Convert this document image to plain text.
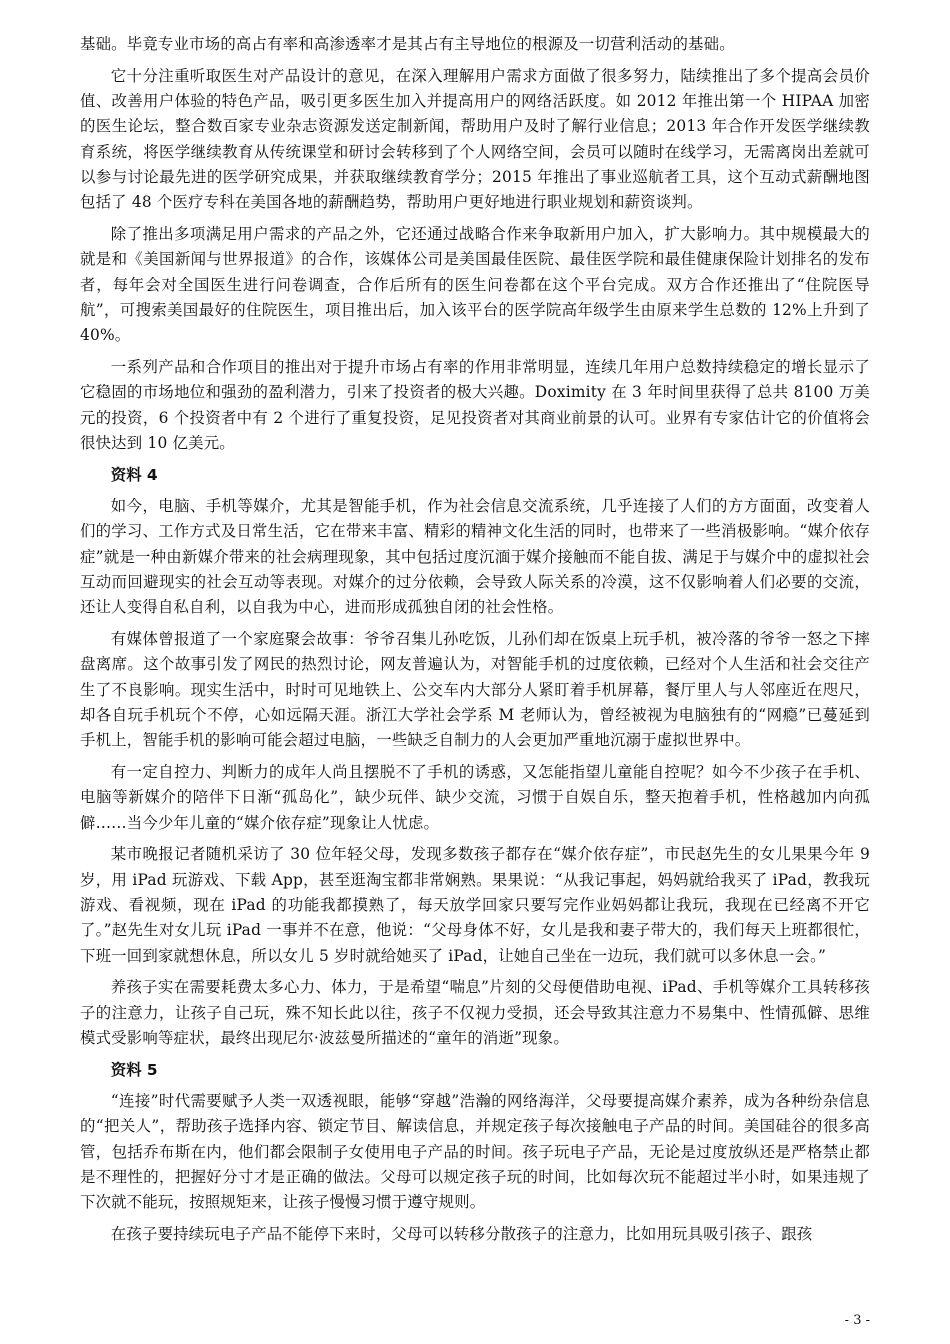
基础。毕竟专业市场的高占有率和高渗透率才是其占有主导地位的根源及一切营利活动的基础。

它十分注重听取医生对产品设计的意见，在深入理解用户需求方面做了很多努力，陆续推出了多个提高会员价值、改善用户体验的特色产品，吸引更多医生加入并提高用户的网络活跃度。如 2012 年推出第一个 HIPAA 加密的医生论坛，整合数百家专业杂志资源发送定制新闻，帮助用户及时了解行业信息；2013 年合作开发医学继续教育系统，将医学继续教育从传统课堂和研讨会转移到了个人网络空间，会员可以随时在线学习，无需离岗出差就可以参与讨论最先进的医学研究成果，并获取继续教育学分；2015 年推出了事业巡航者工具，这个互动式薪酬地图包括了 48 个医疗专科在美国各地的薪酬趋势，帮助用户更好地进行职业规划和薪资谈判。

除了推出多项满足用户需求的产品之外，它还通过战略合作来争取新用户加入，扩大影响力。其中规模最大的就是和《美国新闻与世界报道》的合作，该媒体公司是美国最佳医院、最佳医学院和最佳健康保险计划排名的发布者，每年会对全国医生进行问卷调查，合作后所有的医生问卷都在这个平台完成。双方合作还推出了“住院医导航”，可搜索美国最好的住院医生，项目推出后，加入该平台的医学院高年级学生由原来学生总数的 12%上升到了 40%。

一系列产品和合作项目的推出对于提升市场占有率的作用非常明显，连续几年用户总数持续稳定的增长显示了它稳固的市场地位和强劲的盈利潜力，引来了投资者的极大兴趣。Doximity 在 3 年时间里获得了总共 8100 万美元的投资，6 个投资者中有 2 个进行了重复投资，足见投资者对其商业前景的认可。业界有专家估计它的价值将会很快达到 10 亿美元。

资料 4

如今，电脑、手机等媒介，尤其是智能手机，作为社会信息交流系统，几乎连接了人们的方方面面，改变着人们的学习、工作方式及日常生活，它在带来丰富、精彩的精神文化生活的同时，也带来了一些消极影响。“媒介依存症”就是一种由新媒介带来的社会病理现象，其中包括过度沉湎于媒介接触而不能自拔、满足于与媒介中的虚拟社会互动而回避现实的社会互动等表现。对媒介的过分依赖，会导致人际关系的冷漠，这不仅影响着人们必要的交流，还让人变得自私自利，以自我为中心，进而形成孤独自闭的社会性格。

有媒体曾报道了一个家庭聚会故事：爷爷召集儿孙吃饭，儿孙们却在饭桌上玩手机，被冷落的爷爷一怒之下摔盘离席。这个故事引发了网民的热烈讨论，网友普遍认为，对智能手机的过度依赖，已经对个人生活和社会交往产生了不良影响。现实生活中，时时可见地铁上、公交车内大部分人紧盯着手机屏幕，餐厅里人与人邻座近在咫尺，却各自玩手机玩个不停，心如远隔天涯。浙江大学社会学系 M 老师认为，曾经被视为电脑独有的“网瘾”已蔓延到手机上，智能手机的影响可能会超过电脑，一些缺乏自制力的人会更加严重地沉溺于虚拟世界中。

有一定自控力、判断力的成年人尚且摆脱不了手机的诱惑，又怎能指望儿童能自控呢？如今不少孩子在手机、电脑等新媒介的陪伴下日渐“孤岛化”，缺少玩伴、缺少交流，习惯于自娱自乐，整天抱着手机，性格越加内向孤僻……当今少年儿童的“媒介依存症”现象让人忧虑。

某市晚报记者随机采访了 30 位年轻父母，发现多数孩子都存在“媒介依存症”，市民赵先生的女儿果果今年 9 岁，用 iPad 玩游戏、下载 App，甚至逛淘宝都非常娴熟。果果说：“从我记事起，妈妈就给我买了 iPad，教我玩游戏、看视频，现在 iPad 的功能我都摸熟了，每天放学回家只要写完作业妈妈都让我玩，我现在已经离不开它了。”赵先生对女儿玩 iPad 一事并不在意，他说：“父母身体不好，女儿是我和妻子带大的，我们每天上班都很忙，下班一回到家就想休息，所以女儿 5 岁时就给她买了 iPad，让她自己坐在一边玩，我们就可以多休息一会。”

养孩子实在需要耗费太多心力、体力，于是希望“喘息”片刻的父母便借助电视、iPad、手机等媒介工具转移孩子的注意力，让孩子自己玩，殊不知长此以往，孩子不仅视力受损，还会导致其注意力不易集中、性情孤僻、思维模式受影响等症状，最终出现尼尔·波兹曼所描述的“童年的消逝”现象。

资料 5

“连接”时代需要赋予人类一双透视眼，能够“穿越”浩瀚的网络海洋，父母要提高媒介素养，成为各种纷杂信息的“把关人”，帮助孩子选择内容、锁定节目、解读信息，并规定孩子每次接触电子产品的时间。美国硅谷的很多高管，包括乔布斯在内，他们都会限制子女使用电子产品的时间。孩子玩电子产品，无论是过度放纵还是严格禁止都是不理性的，把握好分寸才是正确的做法。父母可以规定孩子玩的时间，比如每次玩不能超过半小时，如果违规了下次就不能玩，按照规矩来，让孩子慢慢习惯于遵守规则。

在孩子要持续玩电子产品不能停下来时，父母可以转移分散孩子的注意力，比如用玩具吸引孩子、跟孩

- 3 -
